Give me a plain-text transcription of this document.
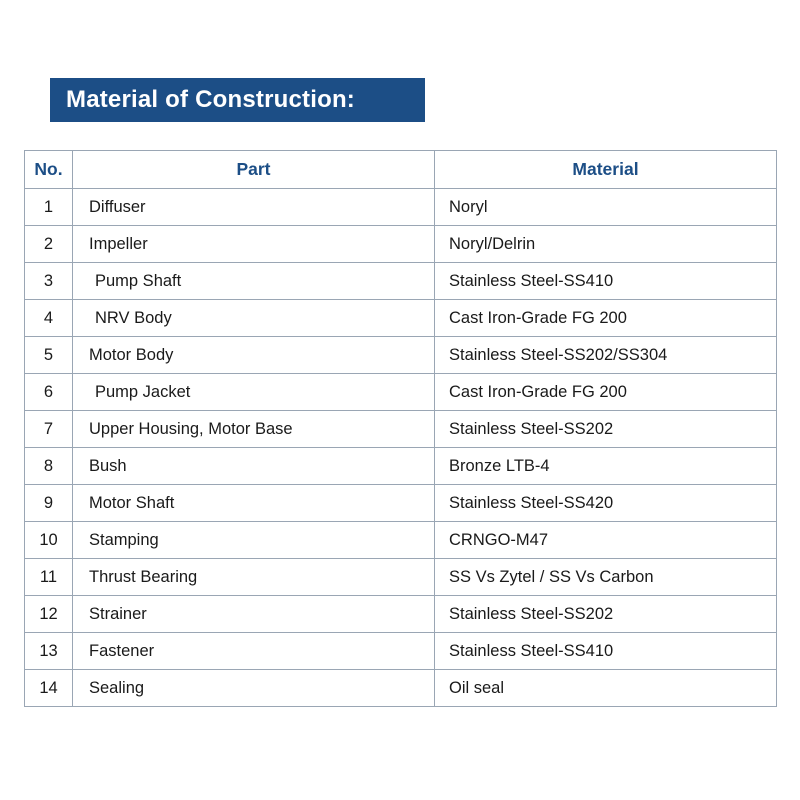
Material of Construction:
No.	Part	Material
1	Diffuser	Noryl
2	Impeller	Noryl/Delrin
3	Pump Shaft	Stainless Steel-SS410
4	NRV Body	Cast Iron-Grade FG 200
5	Motor Body	Stainless Steel-SS202/SS304
6	Pump Jacket	Cast Iron-Grade FG 200
7	Upper Housing, Motor Base	Stainless Steel-SS202
8	Bush	Bronze LTB-4
9	Motor Shaft	Stainless Steel-SS420
10	Stamping	CRNGO-M47
11	Thrust Bearing	SS Vs Zytel / SS Vs Carbon
12	Strainer	Stainless Steel-SS202
13	Fastener	Stainless Steel-SS410
14	Sealing	Oil seal
